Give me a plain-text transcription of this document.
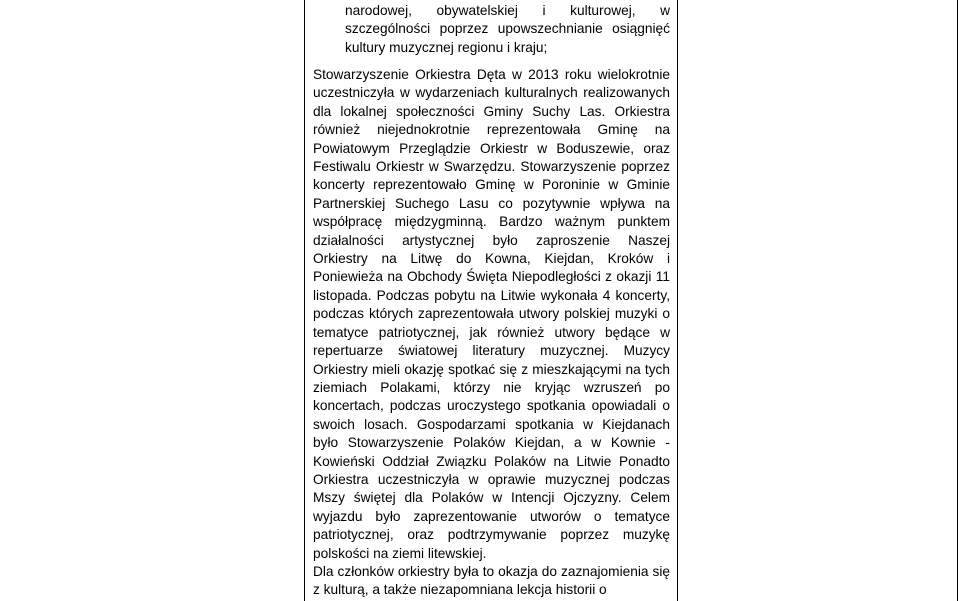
narodowej, obywatelskiej i kulturowej, w szczególności poprzez upowszechnianie osiągnięć kultury muzycznej regionu i kraju;

Stowarzyszenie Orkiestra Dęta w 2013 roku wielokrotnie uczestniczyła w wydarzeniach kulturalnych realizowanych dla lokalnej społeczności Gminy Suchy Las. Orkiestra również niejednokrotnie reprezentowała Gminę na Powiatowym Przeglądzie Orkiestr w Boduszewie, oraz Festiwalu Orkiestr w Swarzędzu. Stowarzyszenie poprzez koncerty reprezentowało Gminę w Poroninie w Gminie Partnerskiej Suchego Lasu co pozytywnie wpływa na współpracę międzygminną. Bardzo ważnym punktem działalności artystycznej było zaproszenie Naszej Orkiestry na Litwę do Kowna, Kiejdan, Kroków i Poniewieża na Obchody Święta Niepodległości z okazji 11 listopada. Podczas pobytu na Litwie wykonała 4 koncerty, podczas których zaprezentowała utwory polskiej muzyki o tematyce patriotycznej, jak również utwory będące w repertuarze światowej literatury muzycznej. Muzycy Orkiestry mieli okazję spotkać się z mieszkającymi na tych ziemiach Polakami, którzy nie kryjąc wzruszeń po koncertach, podczas uroczystego spotkania opowiadali o swoich losach. Gospodarzami spotkania w Kiejdanach było Stowarzyszenie Polaków Kiejdan, a w Kownie - Kowieński Oddział Związku Polaków na Litwie Ponadto Orkiestra uczestniczyła w oprawie muzycznej podczas Mszy świętej dla Polaków w Intencji Ojczyzny. Celem wyjazdu było zaprezentowanie utworów o tematyce patriotycznej, oraz podtrzymywanie poprzez muzykę polskości na ziemi litewskiej.

Dla członków orkiestry była to okazja do zaznajomienia się z kulturą, a także niezapomniana lekcja historii o
